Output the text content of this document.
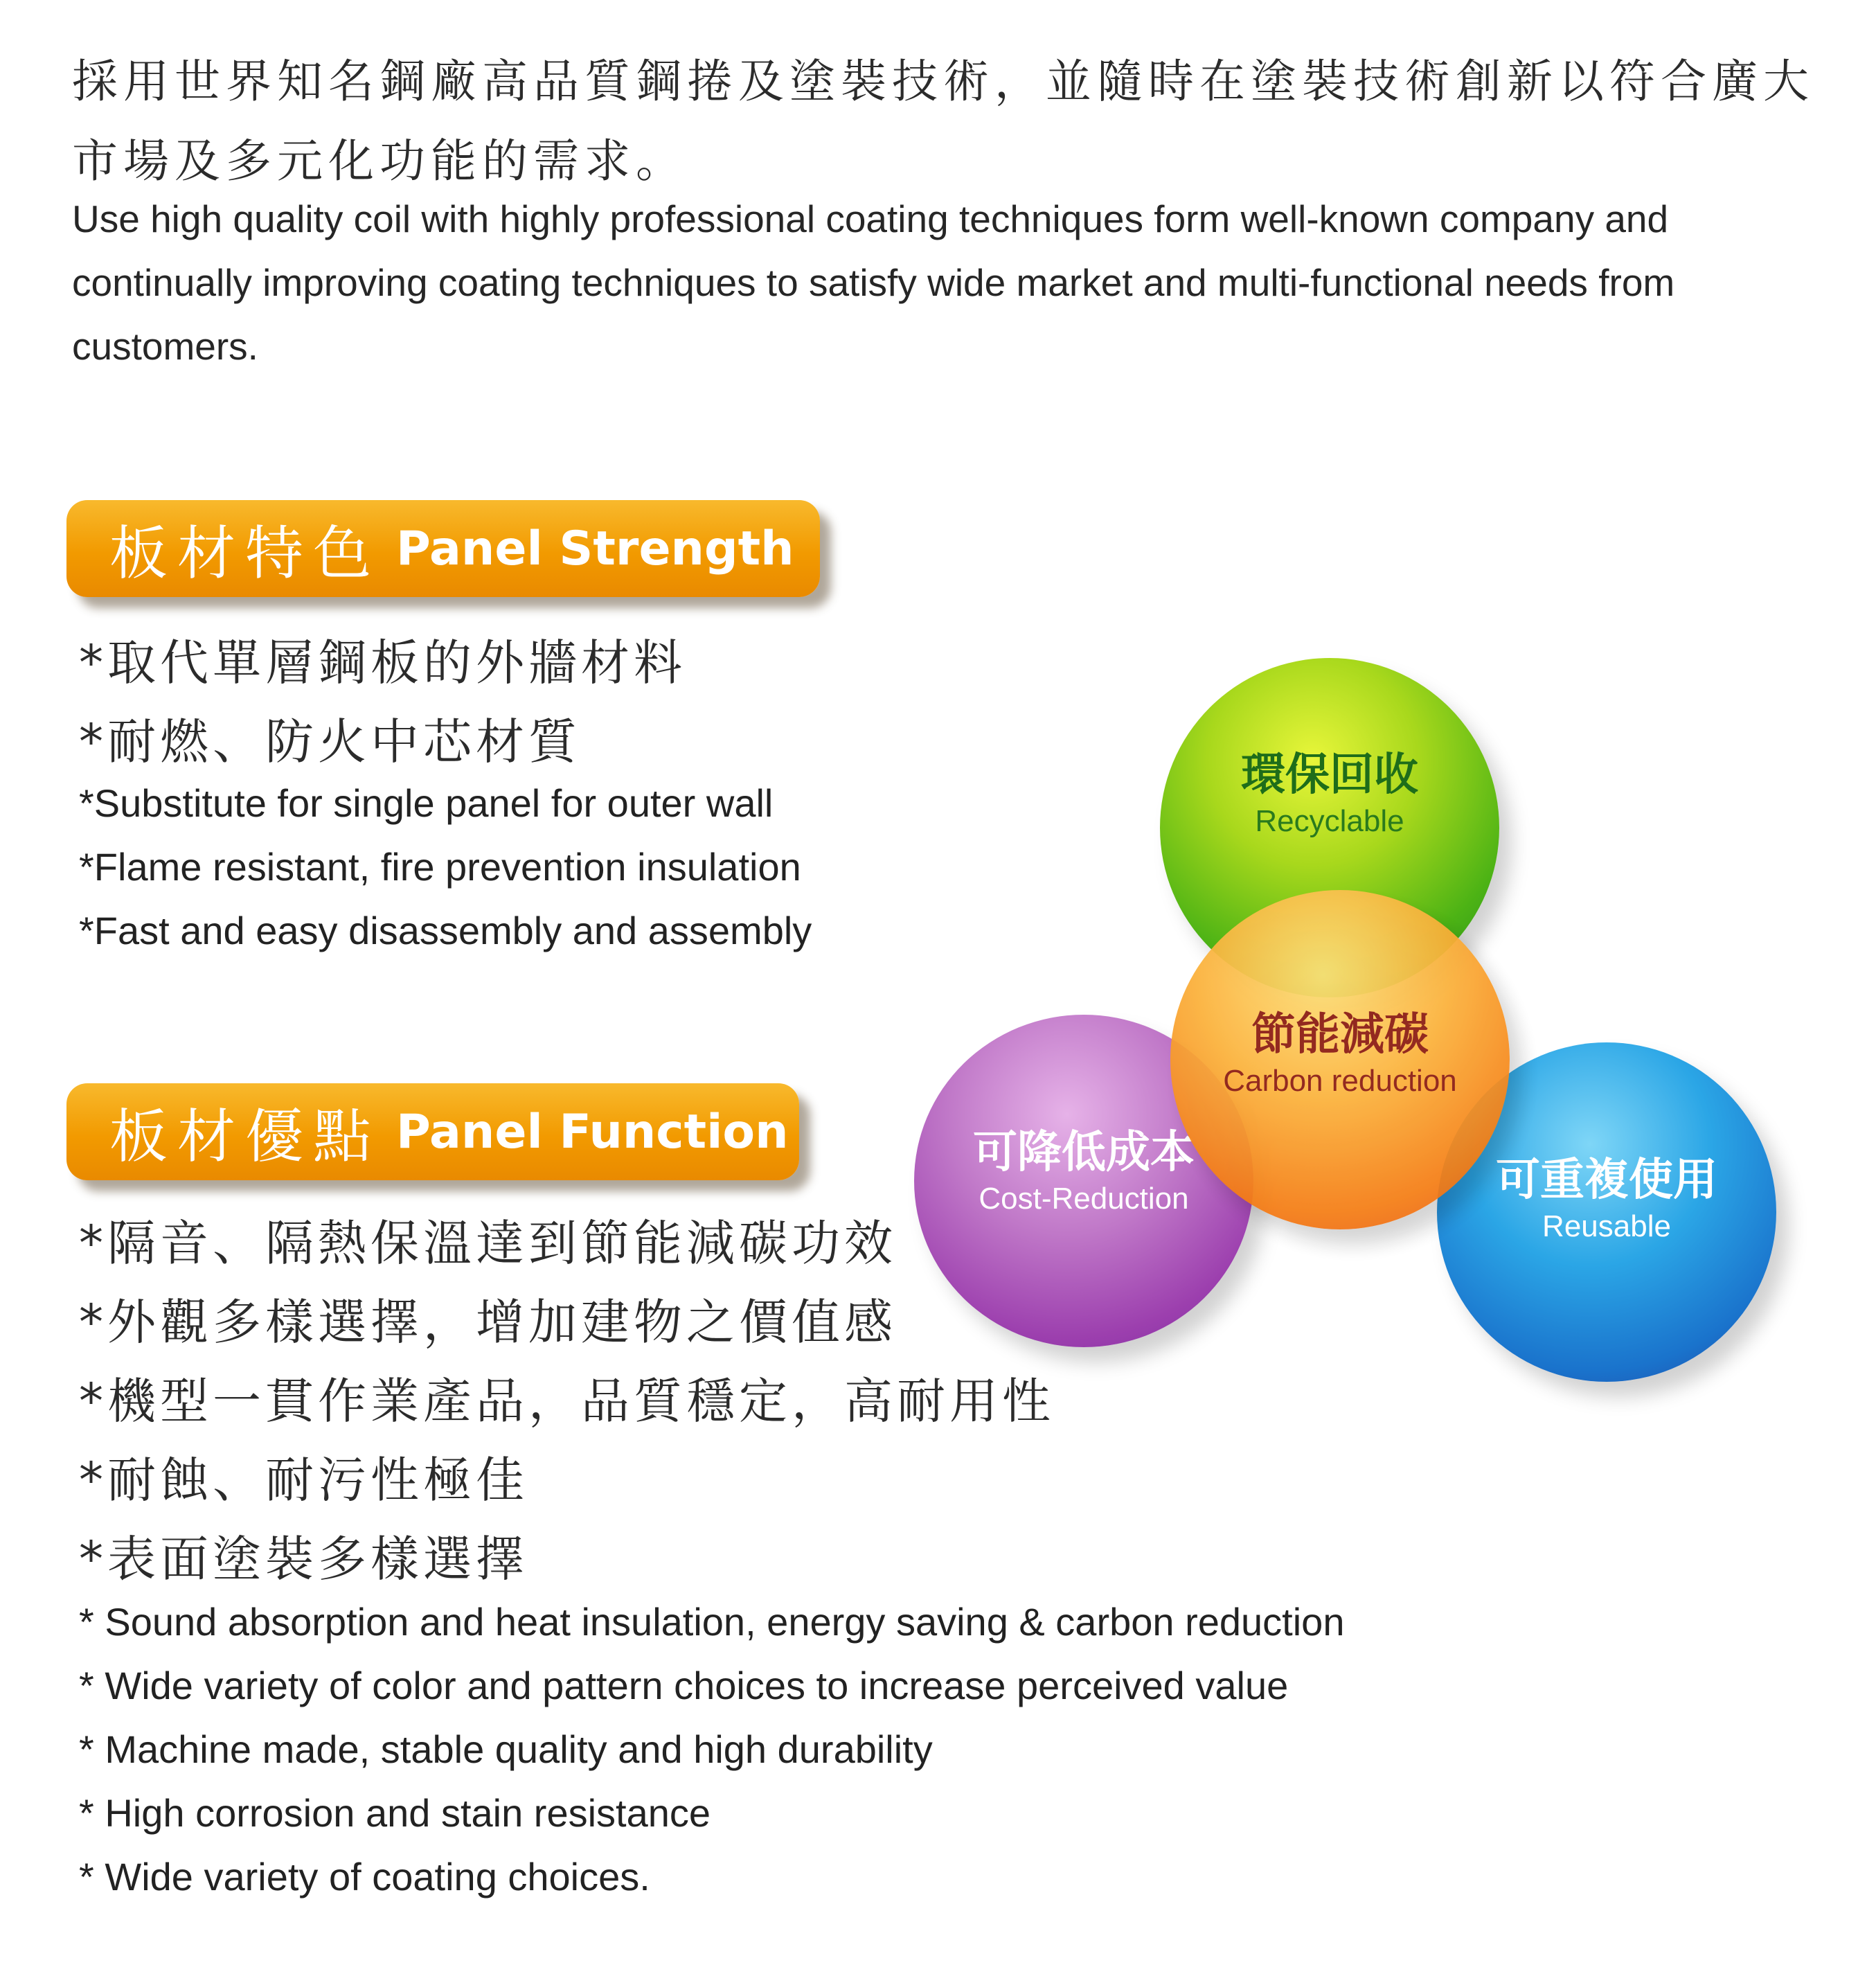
採用世界知名鋼廠高品質鋼捲及塗裝技術，並隨時在塗裝技術創新以符合廣大市場及多元化功能的需求。
Use high quality coil with highly professional coating techniques form well-known company and continually improving coating techniques to satisfy wide market and multi-functional needs from customers.
板材特色 Panel Strength
*取代單層鋼板的外牆材料
*耐燃、防火中芯材質
*Substitute for single panel for outer wall
*Flame resistant, fire prevention insulation
*Fast and easy disassembly and assembly
板材優點 Panel Function
*隔音、隔熱保溫達到節能減碳功效
*外觀多樣選擇，增加建物之價值感
*機型一貫作業產品，品質穩定，高耐用性
*耐蝕、耐污性極佳
*表面塗裝多樣選擇
* Sound absorption and heat insulation, energy saving & carbon reduction
* Wide variety of color and pattern choices to increase perceived value
* Machine made, stable quality and high durability
* High corrosion and stain resistance
* Wide variety of coating choices.
環保回收
Recyclable
可降低成本
Cost-Reduction	可重複使用
Reusable
節能減碳
Carbon reduction
